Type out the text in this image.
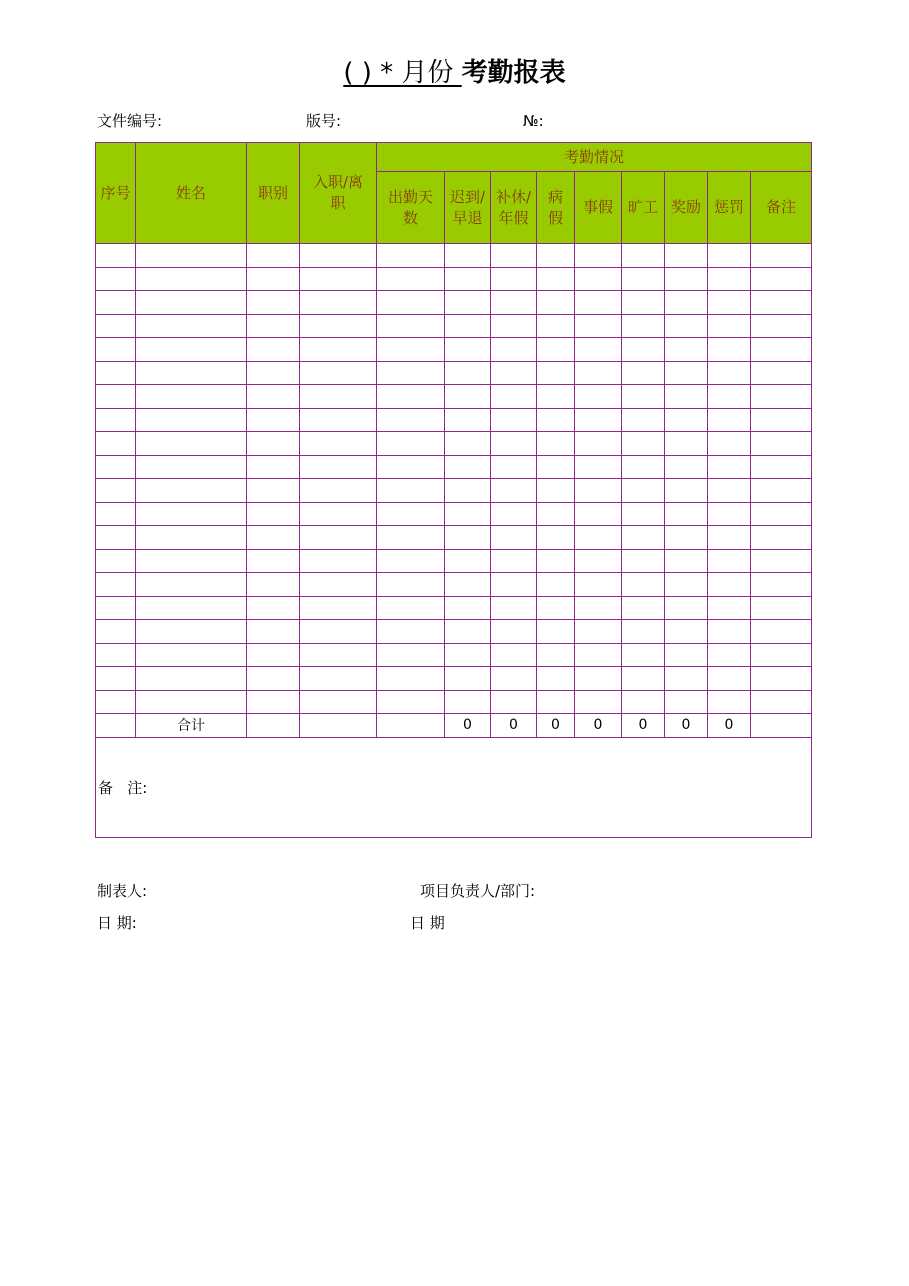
( ) * 月份 考勤报表
文件编号:	版号:	№:
序号	姓名	职别	入职/离职	考勤情况								
				出勤天数	迟到/早退	补休/年假	病假	事假	旷工	奖励	惩罚	备注

	合计				0	0	0	0	0	0	0	
备   注:												
制表人:	项目负责人/部门:
日 期:	日 期
